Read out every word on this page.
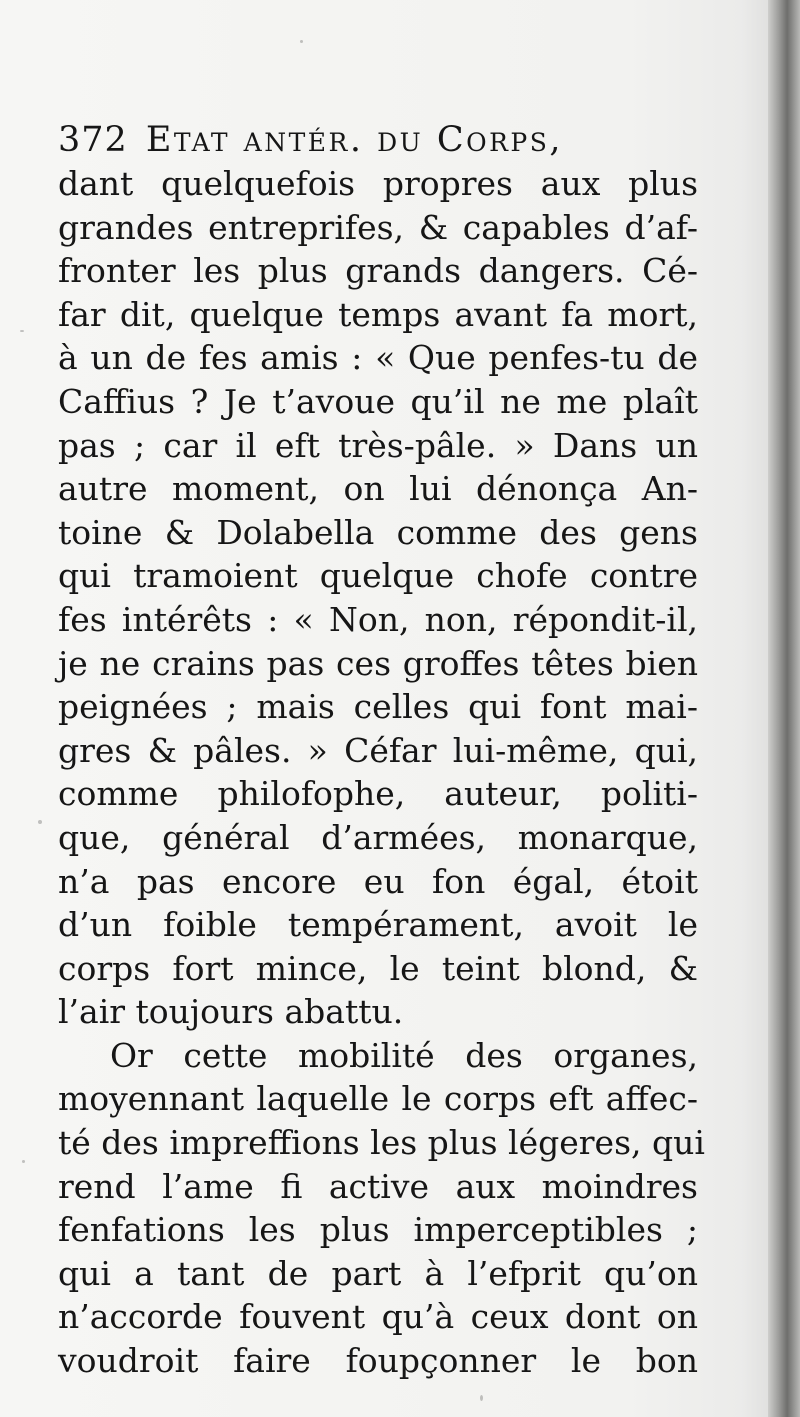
372 Etat antér. du Corps,
dant quelquefois propres aux plus
grandes entreprifes, & capables d’af-
fronter les plus grands dangers. Cé-
far dit, quelque temps avant fa mort,
à un de fes amis : « Que penfes-tu de
Caffius ? Je t’avoue qu’il ne me plaît
pas ; car il eft très-pâle. » Dans un
autre moment, on lui dénonça An-
toine & Dolabella comme des gens
qui tramoient quelque chofe contre
fes intérêts : « Non, non, répondit-il,
je ne crains pas ces groffes têtes bien
peignées ; mais celles qui font mai-
gres & pâles. » Céfar lui-même, qui,
comme philofophe, auteur, politi-
que, général d’armées, monarque,
n’a pas encore eu fon égal, étoit
d’un foible tempérament, avoit le
corps fort mince, le teint blond, &
l’air toujours abattu.
Or cette mobilité des organes,
moyennant laquelle le corps eft affec-
té des impreffions les plus légeres, qui
rend l’ame fi active aux moindres
fenfations les plus imperceptibles ;
qui a tant de part à l’efprit qu’on
n’accorde fouvent qu’à ceux dont on
voudroit faire foupçonner le bon
